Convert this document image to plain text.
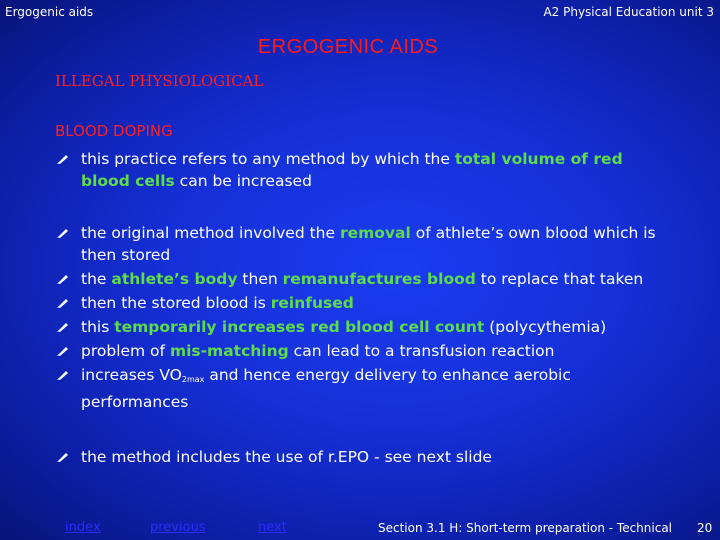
Ergogenic aids	A2 Physical Education unit 3
ERGOGENIC AIDS
ILLEGAL PHYSIOLOGICAL
BLOOD DOPING
this practice refers to any method by which the total volume of red blood cells can be increased
the original method involved the removal of athlete’s own blood which is then stored
the athlete’s body then remanufactures blood to replace that taken
then the stored blood is reinfused
this temporarily increases red blood cell count (polycythemia)
problem of mis-matching can lead to a transfusion reaction
increases $VO_{2max}$ and hence energy delivery to enhance aerobic performances
the method includes the use of r.EPO - see next slide
index	previous	next	Section 3.1 H: Short-term preparation - Technical 20
